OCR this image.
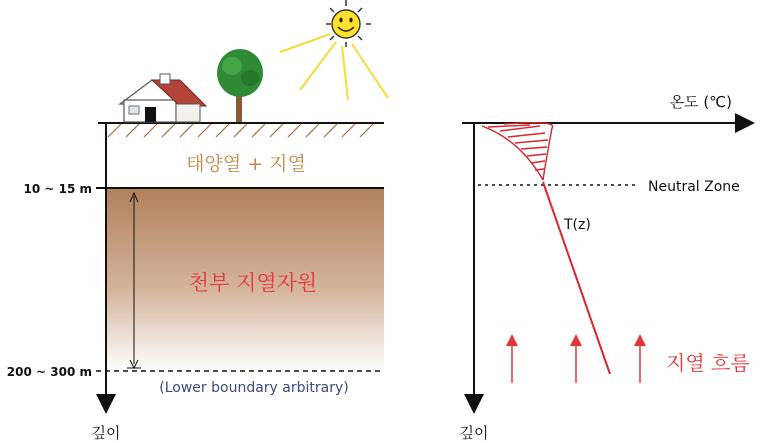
태양열 + 지열
10 ~ 15 m
200 ~ 300 m
천부 지열자원
(Lower boundary arbitrary)
깊이
온도 (℃)
Neutral Zone
T(z)
지열 흐름
깊이
